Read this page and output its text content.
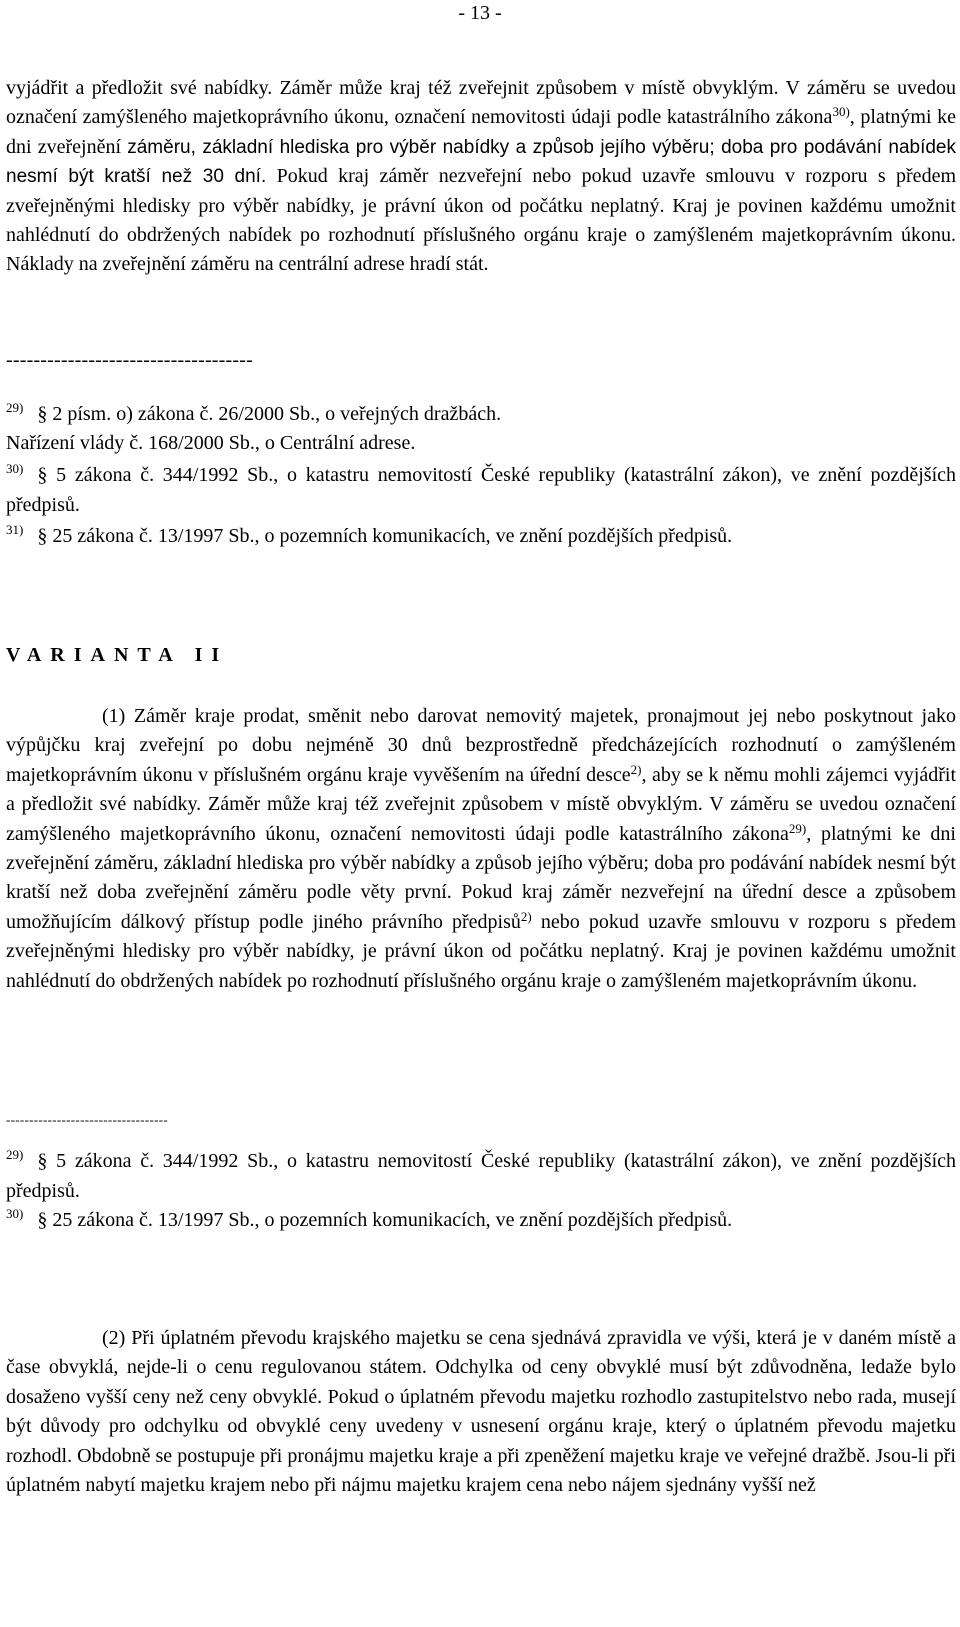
- 13 -

vyjádřit a předložit své nabídky. Záměr může kraj též zveřejnit způsobem v místě obvyklým. V záměru se uvedou označení zamýšleného majetkoprávního úkonu, označení nemovitosti údaji podle katastrálního zákona$^{30)}$, platnými ke dni zveřejnění záměru, základní hlediska pro výběr nabídky a způsob jejího výběru; doba pro podávání nabídek nesmí být kratší než 30 dní. Pokud kraj záměr nezveřejní nebo pokud uzavře smlouvu v rozporu s předem zveřejněnými hledisky pro výběr nabídky, je právní úkon od počátku neplatný. Kraj je povinen každému umožnit nahlédnutí do obdržených nabídek po rozhodnutí příslušného orgánu kraje o zamýšleném majetkoprávním úkonu. Náklady na zveřejnění záměru na centrální adrese hradí stát.

------------------------------------

$^{29)}$ § 2 písm. o) zákona č. 26/2000 Sb., o veřejných dražbách.

Nařízení vlády č. 168/2000 Sb., o Centrální adrese.

$^{30)}$ § 5 zákona č. 344/1992 Sb., o katastru nemovitostí České republiky (katastrální zákon), ve znění pozdějších předpisů.

$^{31)}$ § 25 zákona č. 13/1997 Sb., o pozemních komunikacích, ve znění pozdějších předpisů.

VARIANTA II

(1) Záměr kraje prodat, směnit nebo darovat nemovitý majetek, pronajmout jej nebo poskytnout jako výpůjčku kraj zveřejní po dobu nejméně 30 dnů bezprostředně předcházejících rozhodnutí o zamýšleném majetkoprávním úkonu v příslušném orgánu kraje vyvěšením na úřední desce$^{2)}$, aby se k němu mohli zájemci vyjádřit a předložit své nabídky. Záměr může kraj též zveřejnit způsobem v místě obvyklým. V záměru se uvedou označení zamýšleného majetkoprávního úkonu, označení nemovitosti údaji podle katastrálního zákona$^{29)}$, platnými ke dni zveřejnění záměru, základní hlediska pro výběr nabídky a způsob jejího výběru; doba pro podávání nabídek nesmí být kratší než doba zveřejnění záměru podle věty první. Pokud kraj záměr nezveřejní na úřední desce a způsobem umožňujícím dálkový přístup podle jiného právního předpisů$^{2)}$ nebo pokud uzavře smlouvu v rozporu s předem zveřejněnými hledisky pro výběr nabídky, je právní úkon od počátku neplatný. Kraj je povinen každému umožnit nahlédnutí do obdržených nabídek po rozhodnutí příslušného orgánu kraje o zamýšleném majetkoprávním úkonu.

-----------------------------------

$^{29)}$ § 5 zákona č. 344/1992 Sb., o katastru nemovitostí České republiky (katastrální zákon), ve znění pozdějších předpisů.

$^{30)}$ § 25 zákona č. 13/1997 Sb., o pozemních komunikacích, ve znění pozdějších předpisů.

(2) Při úplatném převodu krajského majetku se cena sjednává zpravidla ve výši, která je v daném místě a čase obvyklá, nejde-li o cenu regulovanou státem. Odchylka od ceny obvyklé musí být zdůvodněna, ledaže bylo dosaženo vyšší ceny než ceny obvyklé. Pokud o úplatném převodu majetku rozhodlo zastupitelstvo nebo rada, musejí být důvody pro odchylku od obvyklé ceny uvedeny v usnesení orgánu kraje, který o úplatném převodu majetku rozhodl. Obdobně se postupuje při pronájmu majetku kraje a při zpeněžení majetku kraje ve veřejné dražbě. Jsou-li při úplatném nabytí majetku krajem nebo při nájmu majetku krajem cena nebo nájem sjednány vyšší než
